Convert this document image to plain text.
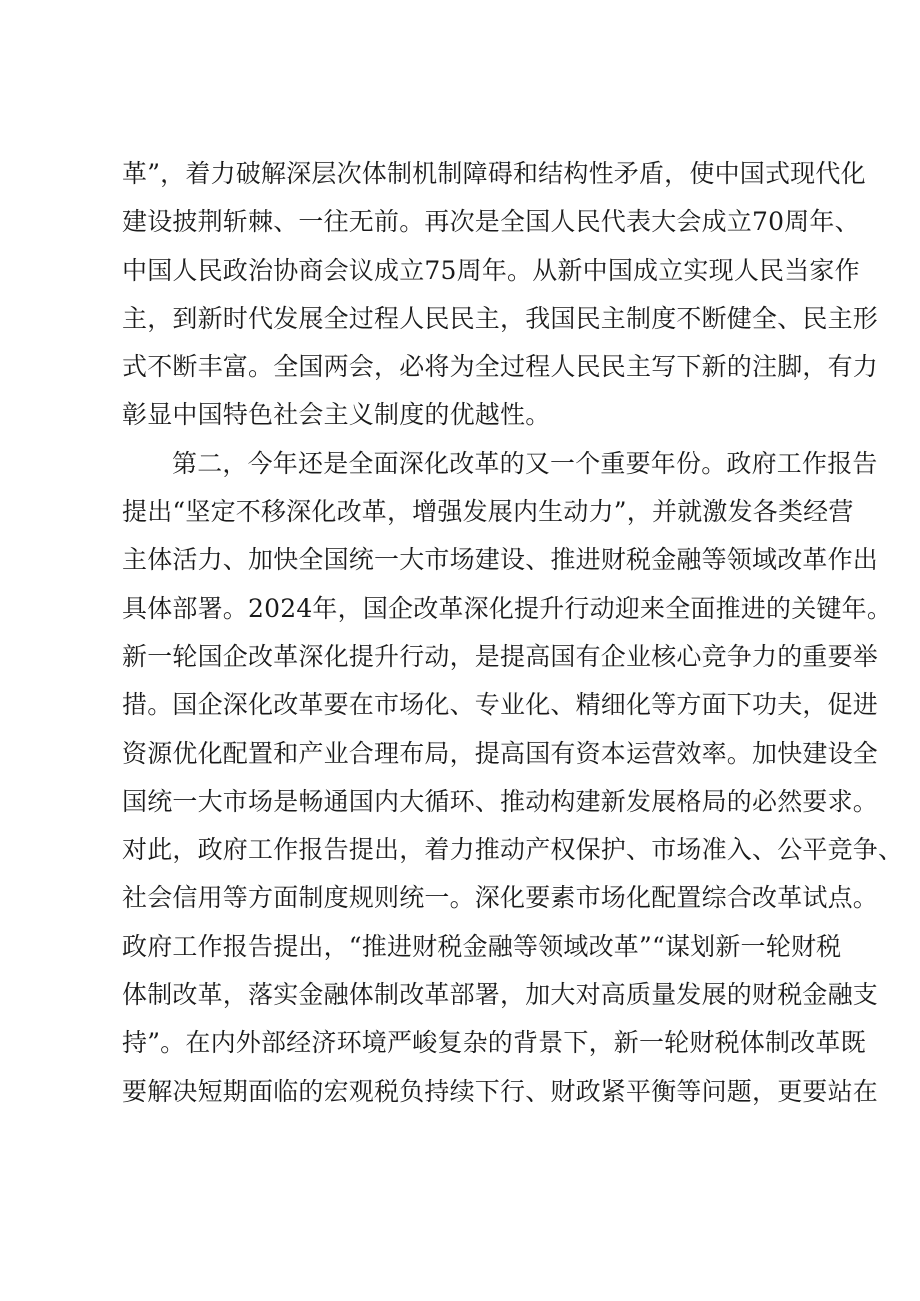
革”，着力破解深层次体制机制障碍和结构性矛盾，使中国式现代化
建设披荆斩棘、一往无前。再次是全国人民代表大会成立70周年、
中国人民政治协商会议成立75周年。从新中国成立实现人民当家作
主，到新时代发展全过程人民民主，我国民主制度不断健全、民主形
式不断丰富。全国两会，必将为全过程人民民主写下新的注脚，有力
彰显中国特色社会主义制度的优越性。
第二，今年还是全面深化改革的又一个重要年份。政府工作报告
提出“坚定不移深化改革，增强发展内生动力”，并就激发各类经营
主体活力、加快全国统一大市场建设、推进财税金融等领域改革作出
具体部署。2024年，国企改革深化提升行动迎来全面推进的关键年。
新一轮国企改革深化提升行动，是提高国有企业核心竞争力的重要举
措。国企深化改革要在市场化、专业化、精细化等方面下功夫，促进
资源优化配置和产业合理布局，提高国有资本运营效率。加快建设全
国统一大市场是畅通国内大循环、推动构建新发展格局的必然要求。
对此，政府工作报告提出，着力推动产权保护、市场准入、公平竞争、
社会信用等方面制度规则统一。深化要素市场化配置综合改革试点。
政府工作报告提出，“推进财税金融等领域改革”“谋划新一轮财税
体制改革，落实金融体制改革部署，加大对高质量发展的财税金融支
持”。在内外部经济环境严峻复杂的背景下，新一轮财税体制改革既
要解决短期面临的宏观税负持续下行、财政紧平衡等问题，更要站在
